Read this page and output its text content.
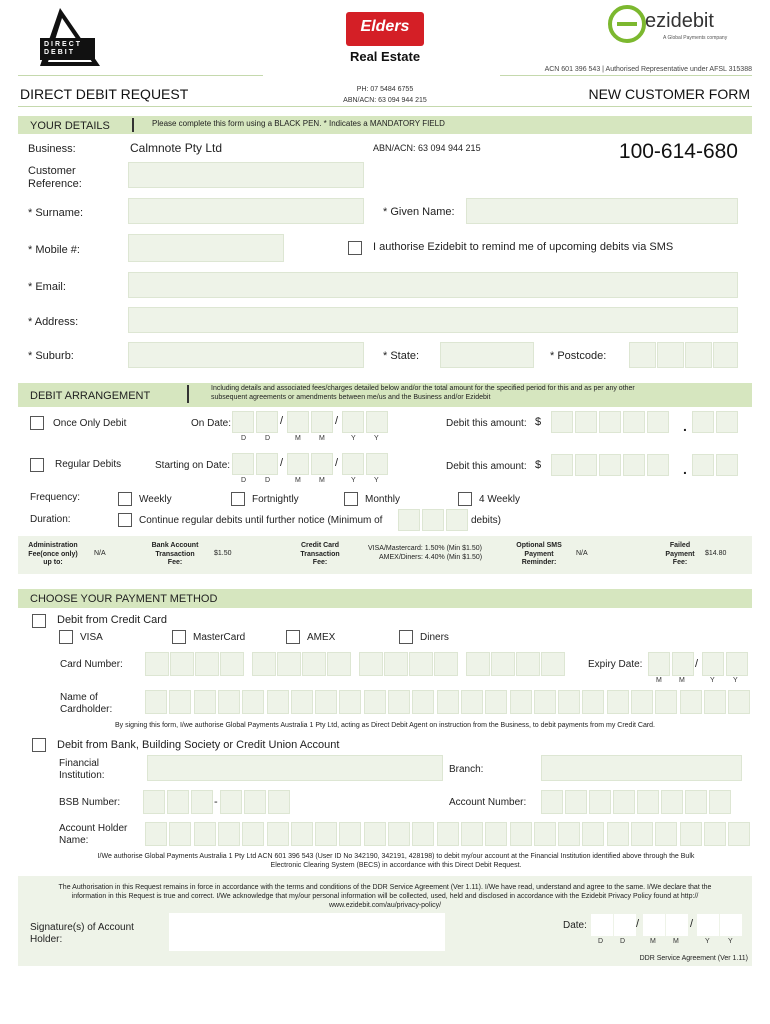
DIRECT DEBIT
Elders
Real Estate
ezidebit
A Global Payments company
ACN 601 396 543 | Authorised Representative under AFSL 315388
DIRECT DEBIT REQUEST	PH: 07 5484 6755
ABN/ACN: 63 094 944 215	NEW CUSTOMER FORM
YOUR DETAILS	Please complete this form using a BLACK PEN. * Indicates a MANDATORY FIELD
Business:	Calmnote Pty Ltd	ABN/ACN: 63 094 944 215	100-614-680
Customer
Reference:
* Surname:	* Given Name:
* Mobile #:	I authorise Ezidebit to remind me of upcoming debits via SMS
* Email:
* Address:
* Suburb:	* State:	* Postcode:
DEBIT ARRANGEMENT
Including details and associated fees/charges detailed below and/or the total amount for the specified period for this and as per any other
subsequent agreements or amendments between me/us and the Business and/or Ezidebit
Once Only Debit	On Date:	/	/
D	D	M	M	Y	Y
Debit this amount: $	.
Regular Debits	Starting on Date:	/	/
D	D	M	M	Y	Y
Debit this amount: $	.
Frequency:	Weekly	Fortnightly	Monthly	4 Weekly
Duration:	Continue regular debits until further notice (Minimum of	debits)
Administration
Fee(once only)
up to:
N/A
Bank Account
Transaction
Fee:
$1.50
Credit Card
Transaction
Fee:
VISA/Mastercard: 1.50% (Min $1.50)
AMEX/Diners: 4.40% (Min $1.50)
Optional SMS
Payment
Reminder:
N/A
Failed
Payment
Fee:
$14.80
CHOOSE YOUR PAYMENT METHOD
Debit from Credit Card
VISA	MasterCard	AMEX	Diners
Card Number:	Expiry Date:	/
M M	Y	Y
Name of
Cardholder:
By signing this form, I/we authorise Global Payments Australia 1 Pty Ltd, acting as Direct Debit Agent on instruction from the Business, to debit payments from my Credit Card.
Debit from Bank, Building Society or Credit Union Account
Financial
Institution:
Branch:
BSB Number:	-	Account Number:
Account Holder
Name:
I/We authorise Global Payments Australia 1 Pty Ltd ACN 601 396 543 (User ID No 342190, 342191, 428198) to debit my/our account at the Financial Institution identified above through the Bulk
Electronic Clearing System (BECS) in accordance with this Direct Debit Request.
The Authorisation in this Request remains in force in accordance with the terms and conditions of the DDR Service Agreement (Ver 1.11). I/We have read, understand and agree to the same. I/We declare that the
information in this Request is true and correct. I/We acknowledge that my/our personal information will be collected, used, held and disclosed in accordance with the Ezidebit Privacy Policy found at http://
www.ezidebit.com/au/privacy-policy/
Signature(s) of Account
Holder:
Date:	/	/
D D	M M	Y	Y
DDR Service Agreement (Ver 1.11)
